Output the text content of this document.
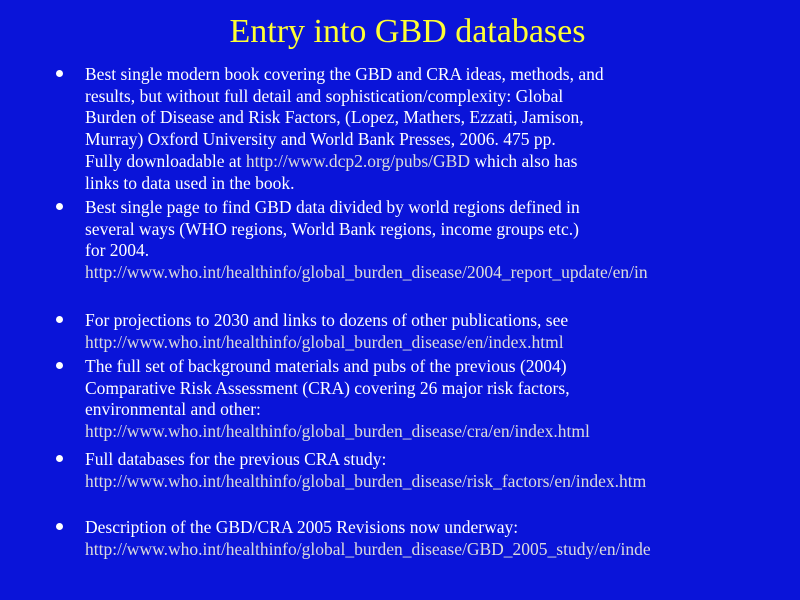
Entry into GBD databases
Best single modern book covering the GBD and CRA ideas, methods, and
results, but without full detail and sophistication/complexity: Global
Burden of Disease and Risk Factors, (Lopez, Mathers, Ezzati, Jamison,
Murray) Oxford University and World Bank Presses, 2006. 475 pp.
Fully downloadable at http://www.dcp2.org/pubs/GBD which also has
links to data used in the book.
Best single page to find GBD data divided by world regions defined in
several ways (WHO regions, World Bank regions, income groups etc.)
for 2004.
http://www.who.int/healthinfo/global_burden_disease/2004_report_update/en/in
For projections to 2030 and links to dozens of other publications, see
http://www.who.int/healthinfo/global_burden_disease/en/index.html
The full set of background materials and pubs of the previous (2004)
Comparative Risk Assessment (CRA) covering 26 major risk factors,
environmental and other:
http://www.who.int/healthinfo/global_burden_disease/cra/en/index.html
Full databases for the previous CRA study:
http://www.who.int/healthinfo/global_burden_disease/risk_factors/en/index.htm
Description of the GBD/CRA 2005 Revisions now underway:
http://www.who.int/healthinfo/global_burden_disease/GBD_2005_study/en/inde
